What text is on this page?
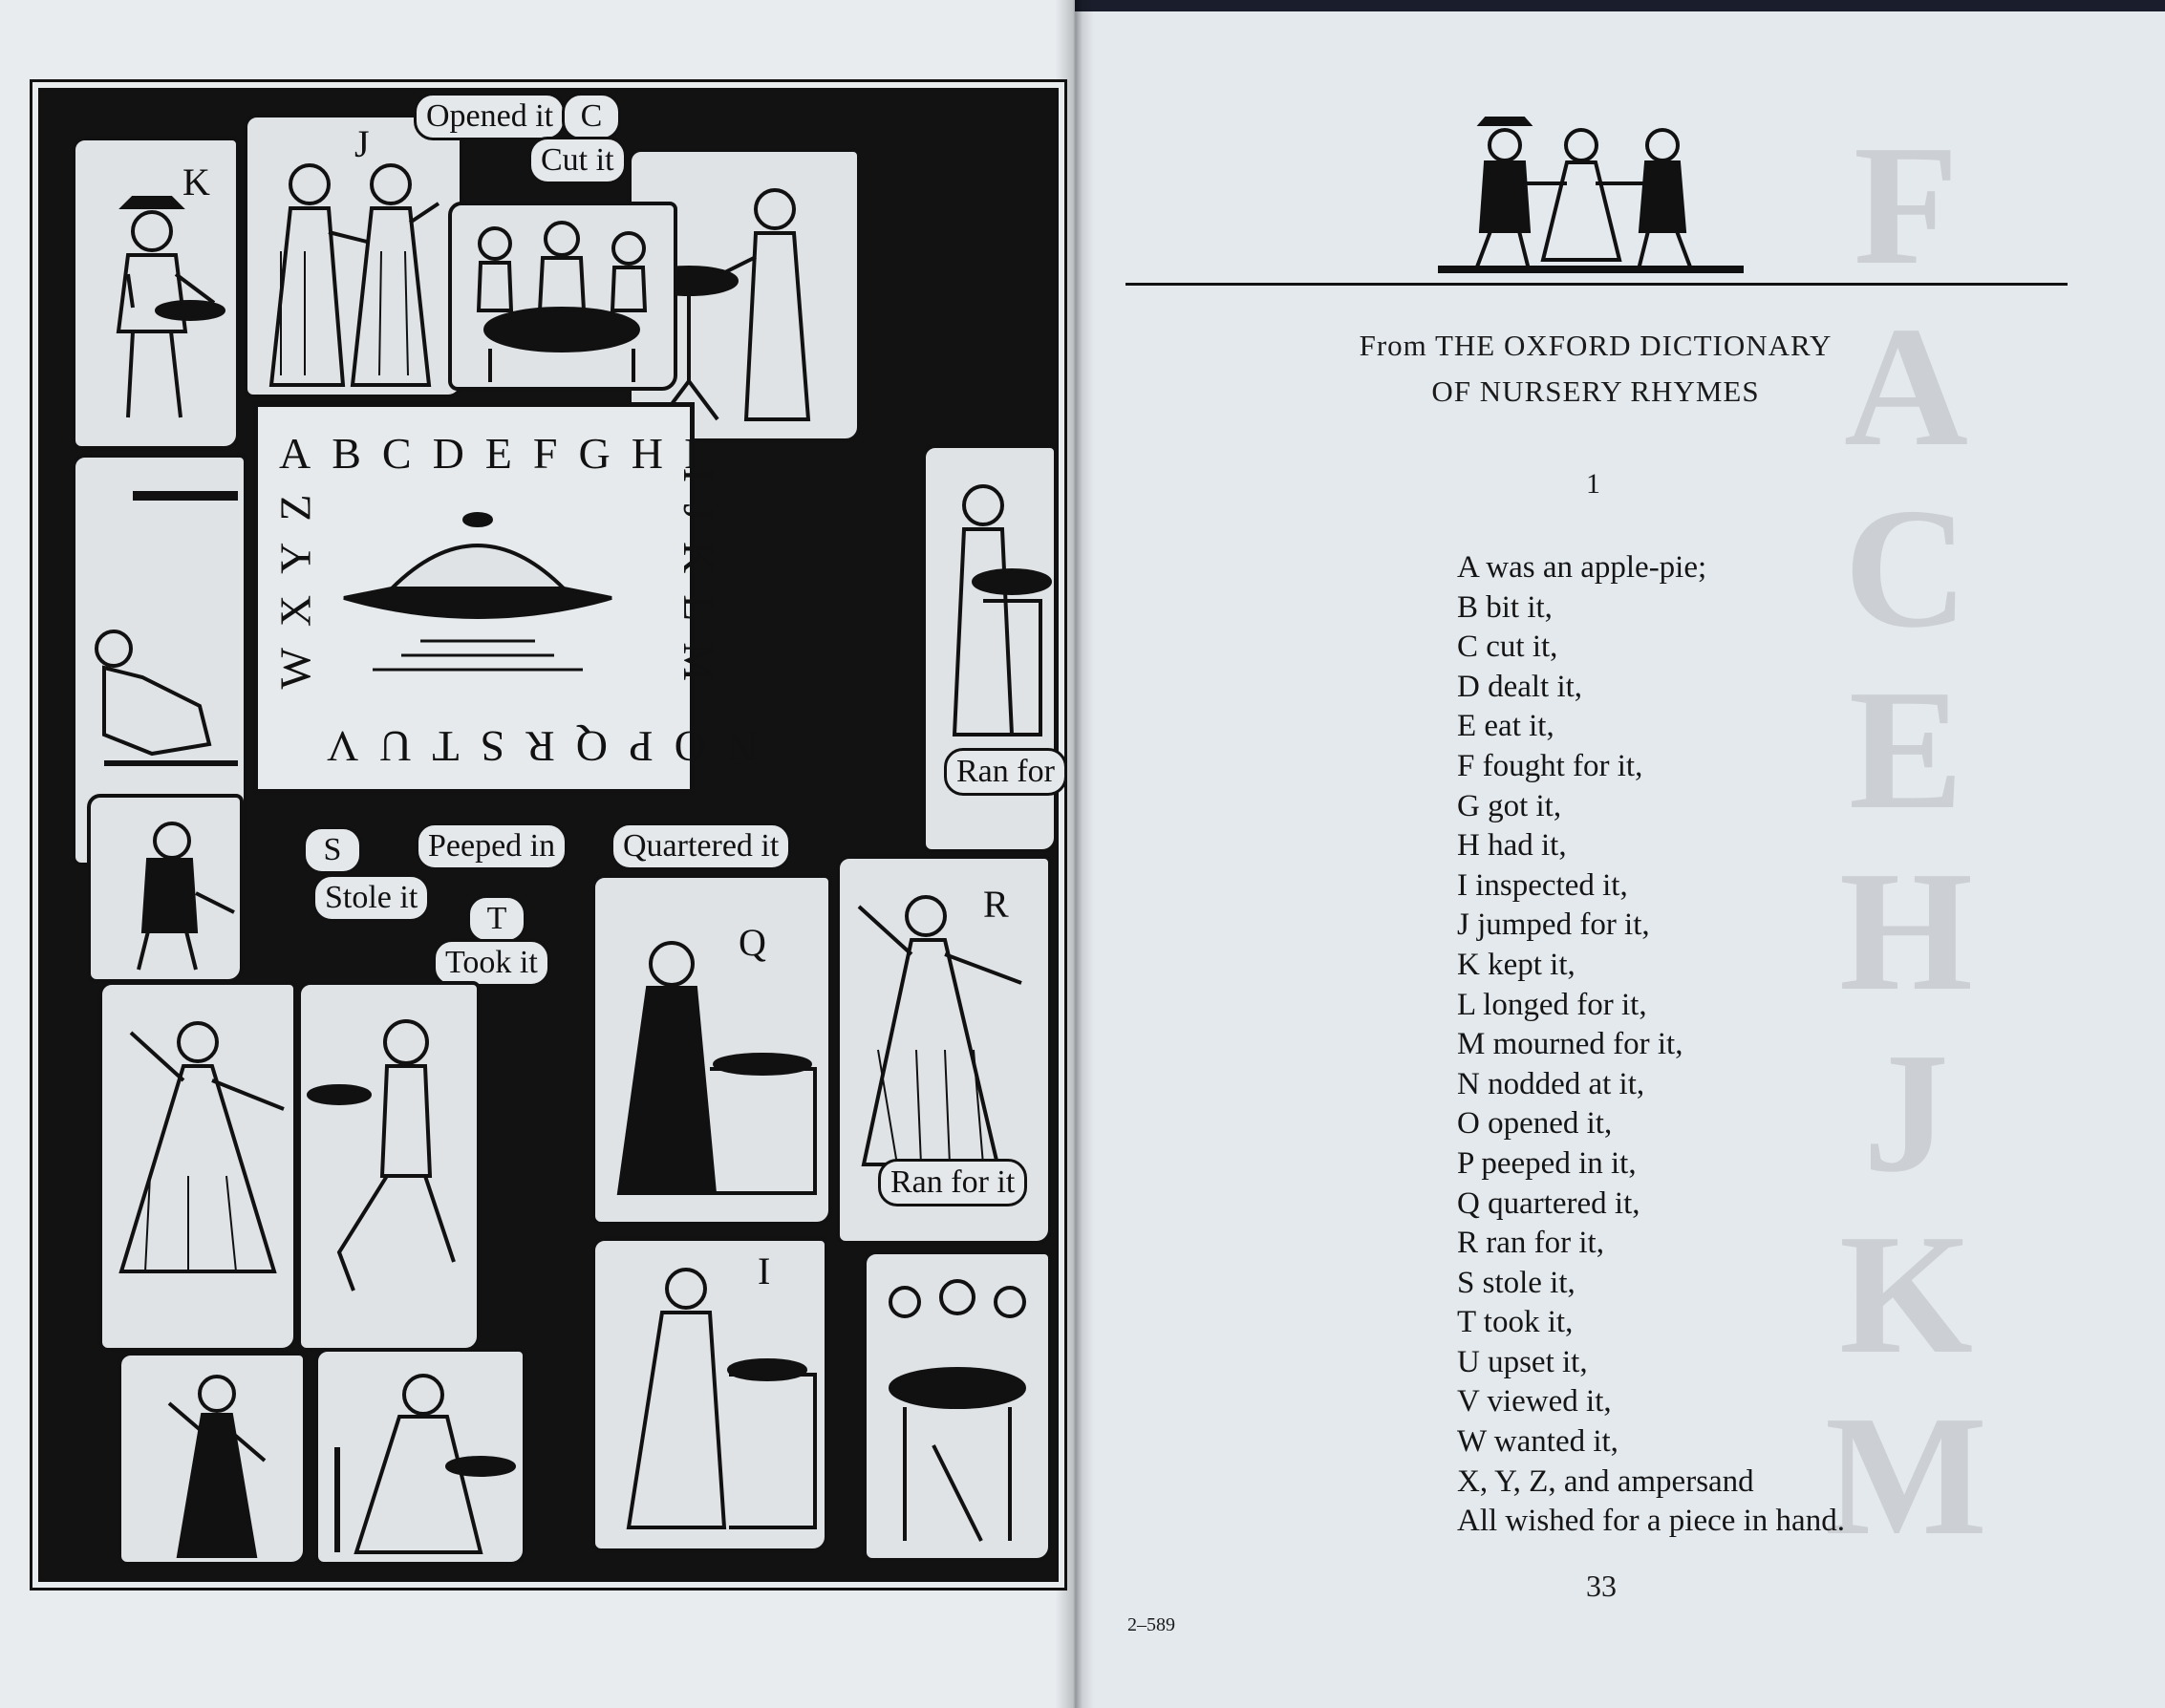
K
J
Opened it C
Cut it
Ran for
ABCDEFGHI
IJKLM
NOPQRSTUV
WXYZ
S	Peeped in	Quartered it
Stole it
T
Took it	Q
R
Ran for it
I

From THE OXFORD DICTIONARY
OF NURSERY RHYMES
1
A was an apple-pie;
B bit it,
C cut it,
D dealt it,
E eat it,
F fought for it,
G got it,
H had it,
I inspected it,
J jumped for it,
K kept it,
L longed for it,
M mourned for it,
N nodded at it,
O opened it,
P peeped in it,
Q quartered it,
R ran for it,
S stole it,
T took it,
U upset it,
V viewed it,
W wanted it,
X, Y, Z, and ampersand
All wished for a piece in hand.
33
2–589
